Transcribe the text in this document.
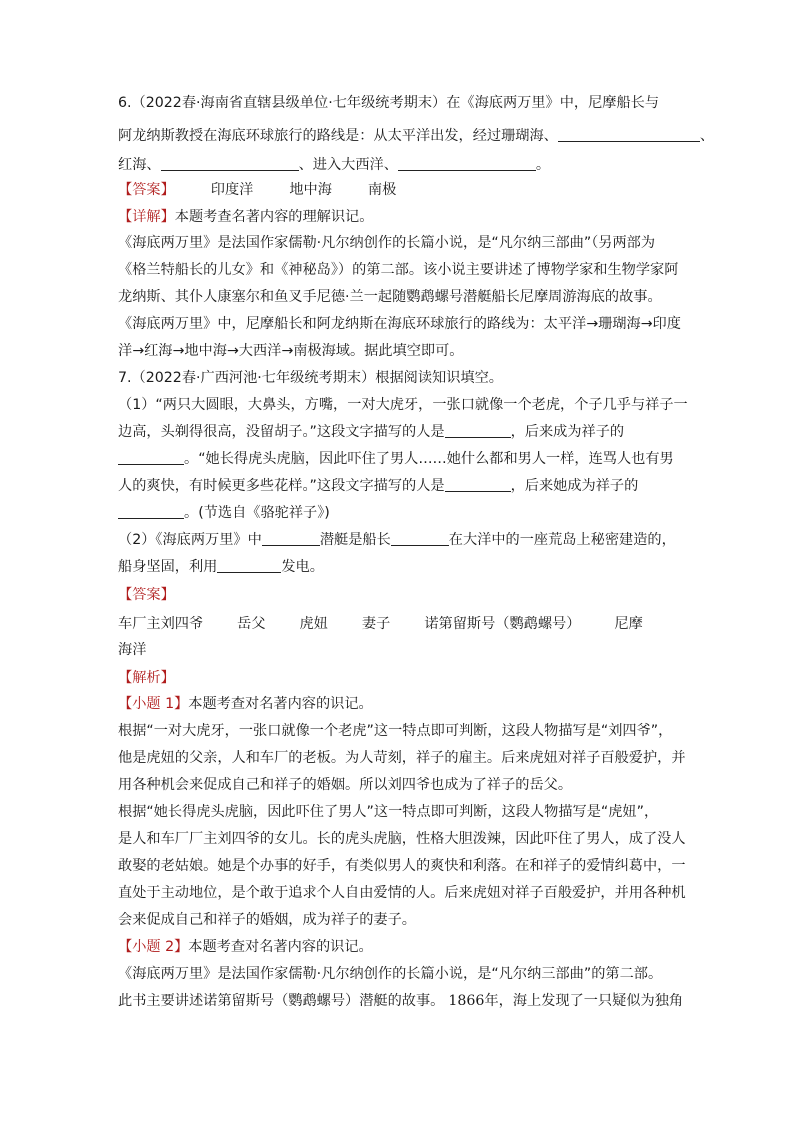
6.（2022春·海南省直辖县级单位·七年级统考期末）在《海底两万里》中，尼摩船长与
阿龙纳斯教授在海底环球旅行的路线是：从太平洋出发，经过珊瑚海、	、
红海、	、进入大西洋、	。
【答案】	印度洋	地中海	南极
【详解】本题考查名著内容的理解识记。
《海底两万里》是法国作家儒勒·凡尔纳创作的长篇小说，是“凡尔纳三部曲”（另两部为
《格兰特船长的儿女》和《神秘岛》）的第二部。该小说主要讲述了博物学家和生物学家阿
龙纳斯、其仆人康塞尔和鱼叉手尼德·兰一起随鹦鹉螺号潜艇船长尼摩周游海底的故事。
《海底两万里》中，尼摩船长和阿龙纳斯在海底环球旅行的路线为：太平洋→珊瑚海→印度
洋→红海→地中海→大西洋→南极海域。据此填空即可。
7.（2022春·广西河池·七年级统考期末）根据阅读知识填空。
（1）“两只大圆眼，大鼻头，方嘴，一对大虎牙，一张口就像一个老虎，个子几乎与祥子一
边高，头剃得很高，没留胡子。”这段文字描写的人是	，后来成为祥子的
。“她长得虎头虎脑，因此吓住了男人……她什么都和男人一样，连骂人也有男
人的爽快，有时候更多些花样。”这段文字描写的人是	，后来她成为祥子的
。(节选自《骆驼祥子》)
（2）《海底两万里》中	潜艇是船长	在大洋中的一座荒岛上秘密建造的，
船身坚固，利用	发电。
【答案】
车厂主刘四爷 岳父 虎妞 妻子 诺第留斯号（鹦鹉螺号） 尼摩
海洋
【解析】
【小题 1】本题考查对名著内容的识记。
根据“一对大虎牙，一张口就像一个老虎”这一特点即可判断，这段人物描写是“刘四爷”，
他是虎妞的父亲，人和车厂的老板。为人苛刻，祥子的雇主。后来虎妞对祥子百般爱护，并
用各种机会来促成自己和祥子的婚姻。所以刘四爷也成为了祥子的岳父。
根据“她长得虎头虎脑，因此吓住了男人”这一特点即可判断，这段人物描写是“虎妞”，
是人和车厂厂主刘四爷的女儿。长的虎头虎脑，性格大胆泼辣，因此吓住了男人，成了没人
敢娶的老姑娘。她是个办事的好手，有类似男人的爽快和利落。在和祥子的爱情纠葛中，一
直处于主动地位，是个敢于追求个人自由爱情的人。后来虎妞对祥子百般爱护，并用各种机
会来促成自己和祥子的婚姻，成为祥子的妻子。
【小题 2】本题考查对名著内容的识记。
《海底两万里》是法国作家儒勒·凡尔纳创作的长篇小说，是“凡尔纳三部曲”的第二部。
此书主要讲述诺第留斯号（鹦鹉螺号）潜艇的故事。 1866年，海上发现了一只疑似为独角
